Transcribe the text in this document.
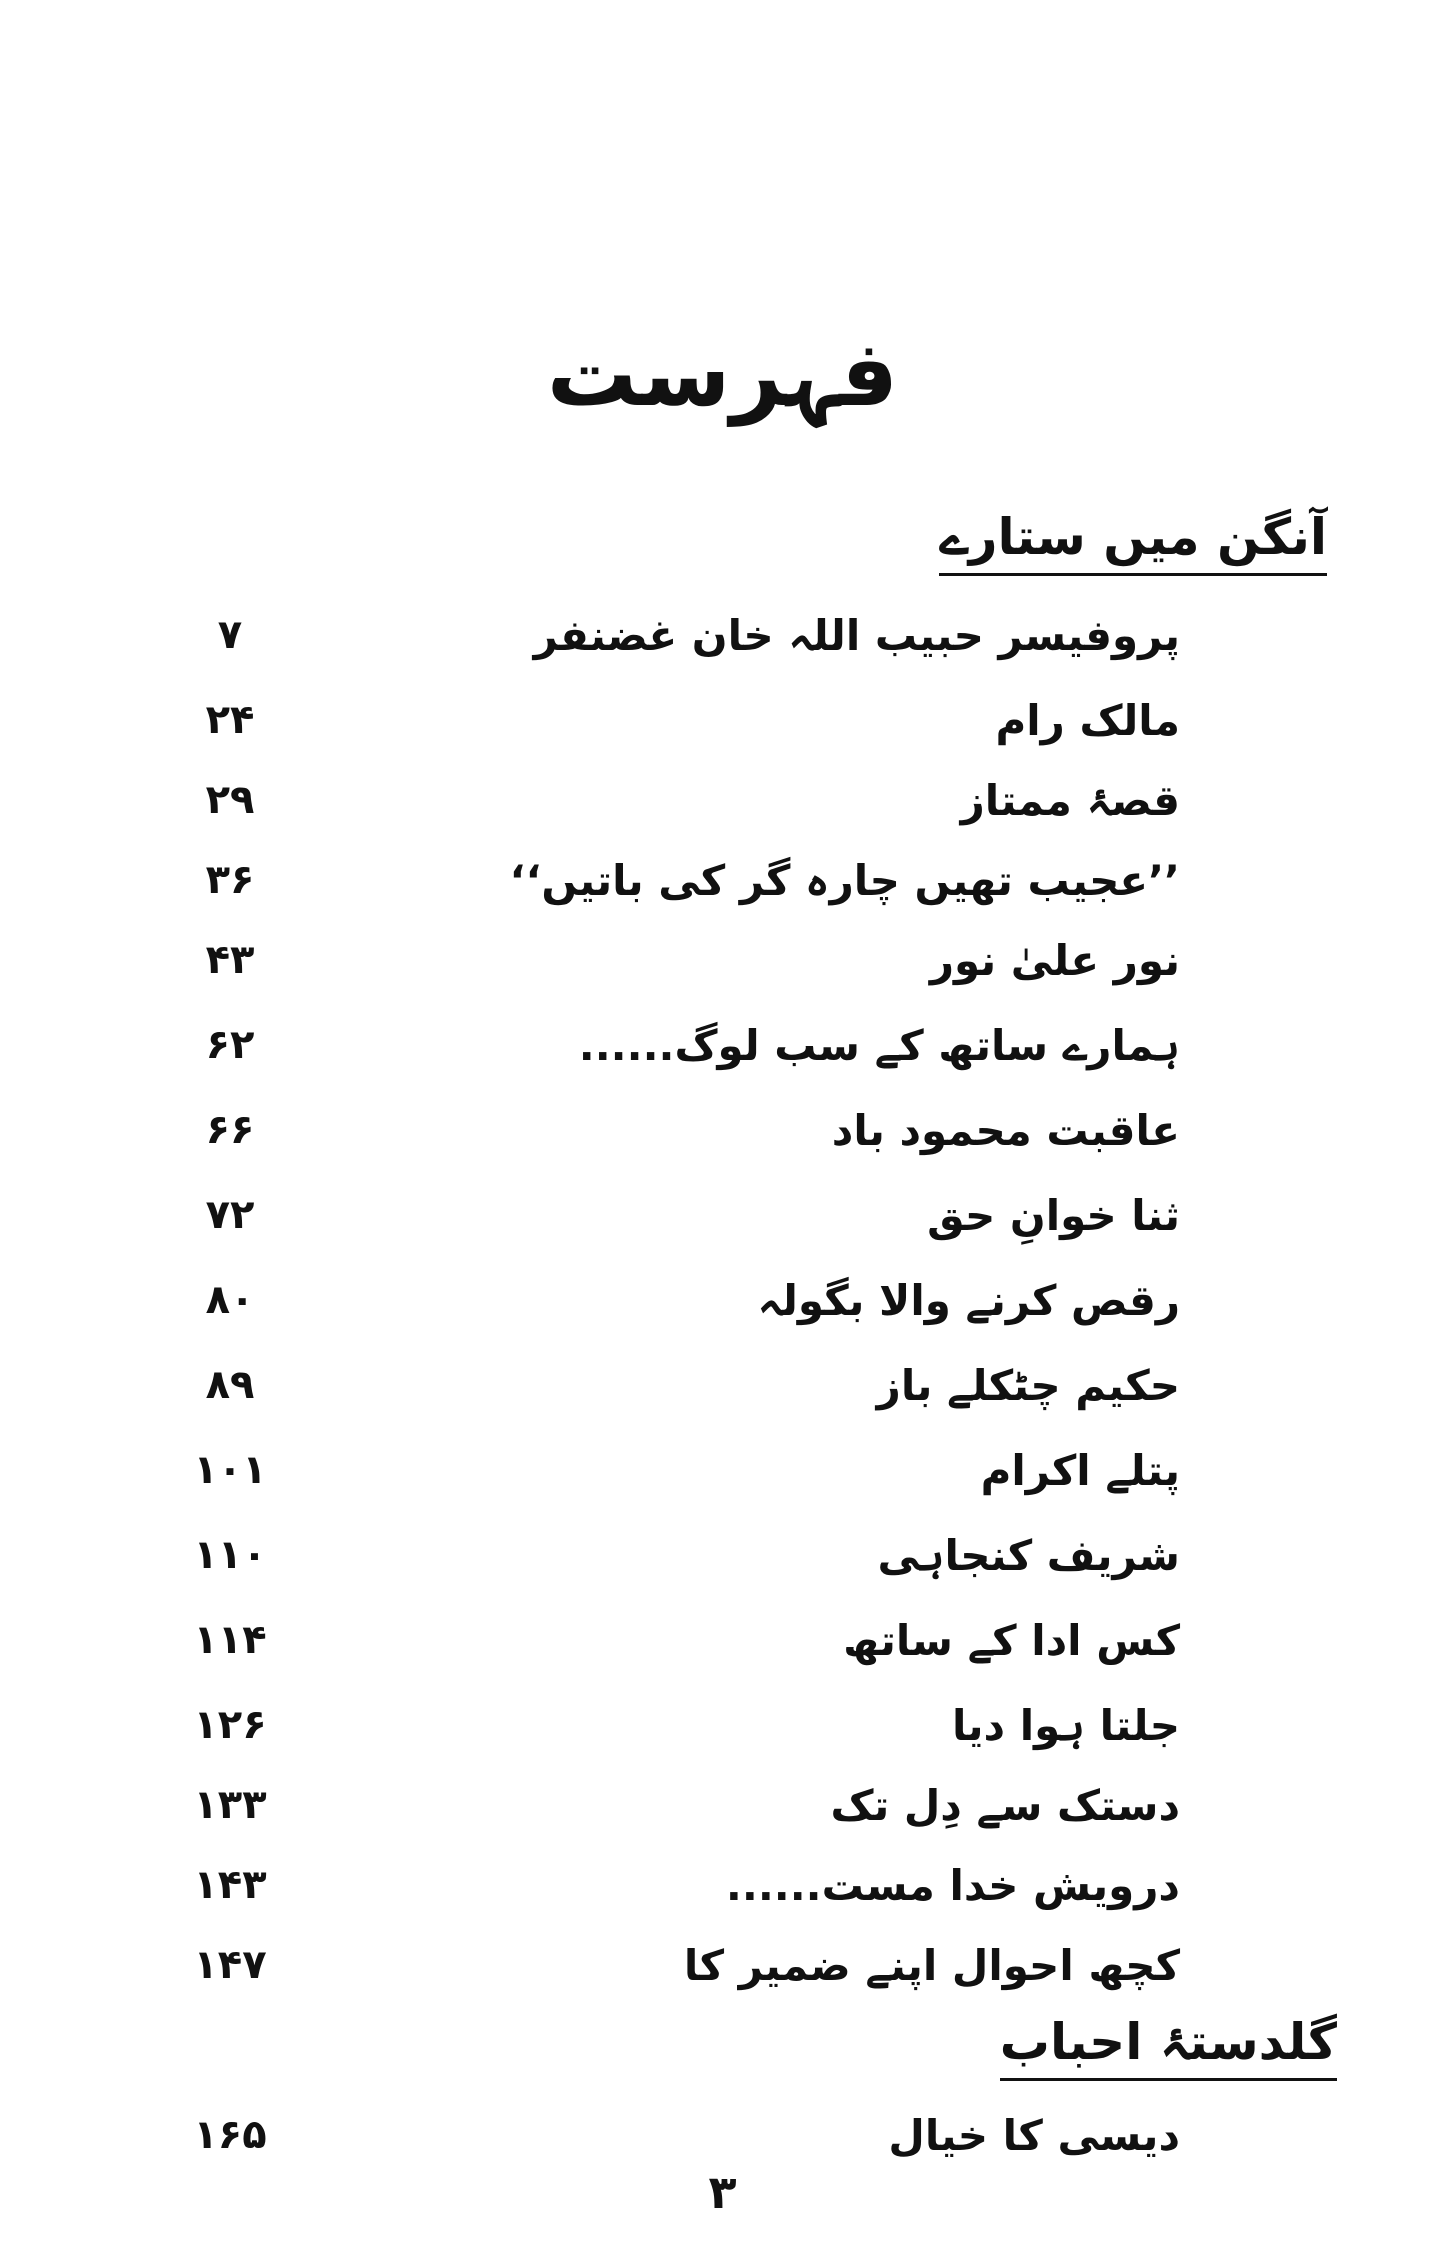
فہرست
آنگن میں ستارے
پروفیسر حبیب اللہ خان غضنفر
۷
مالک رام
۲۴
قصۂ ممتاز
۲۹
’’عجیب تھیں چارہ گر کی باتیں‘‘
۳۶
نور علیٰ نور
۴۳
ہمارے ساتھ کے سب لوگ......
۶۲
عاقبت محمود باد
۶۶
ثنا خوانِ حق
۷۲
رقص کرنے والا بگولہ
۸۰
حکیم چٹکلے باز
۸۹
پتلے اکرام
۱۰۱
شریف کنجاہی
۱۱۰
کس ادا کے ساتھ
۱۱۴
جلتا ہوا دیا
۱۲۶
دستک سے دِل تک
۱۳۳
درویش خدا مست......
۱۴۳
کچھ احوال اپنے ضمیر کا
۱۴۷
گلدستۂ احباب
دیسی کا خیال
۱۶۵
۳
